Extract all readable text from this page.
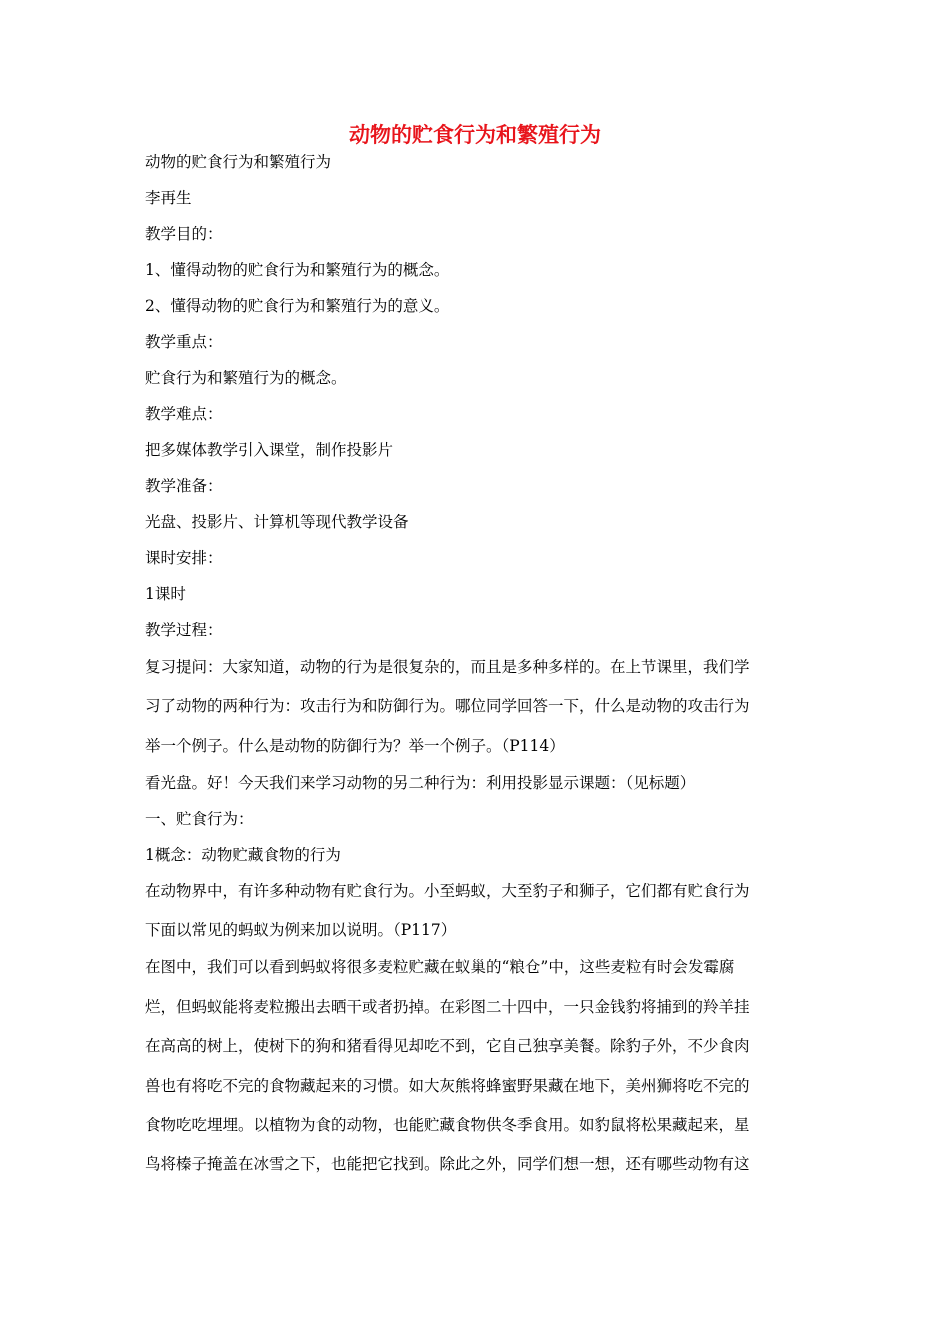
动物的贮食行为和繁殖行为
动物的贮食行为和繁殖行为
李再生
教学目的：
1、懂得动物的贮食行为和繁殖行为的概念。
2、懂得动物的贮食行为和繁殖行为的意义。
教学重点：
贮食行为和繁殖行为的概念。
教学难点：
把多媒体教学引入课堂，制作投影片
教学准备：
光盘、投影片、计算机等现代教学设备
课时安排：
1课时
教学过程：
复习提问：大家知道，动物的行为是很复杂的，而且是多种多样的。在上节课里，我们学
习了动物的两种行为：攻击行为和防御行为。哪位同学回答一下，什么是动物的攻击行为
举一个例子。什么是动物的防御行为？举一个例子。（P114）
看光盘。好！今天我们来学习动物的另二种行为：利用投影显示课题：（见标题）
一、贮食行为：
1概念：动物贮藏食物的行为
在动物界中，有许多种动物有贮食行为。小至蚂蚁，大至豹子和狮子，它们都有贮食行为
下面以常见的蚂蚁为例来加以说明。（P117）
在图中，我们可以看到蚂蚁将很多麦粒贮藏在蚁巢的“粮仓”中，这些麦粒有时会发霉腐
烂，但蚂蚁能将麦粒搬出去晒干或者扔掉。在彩图二十四中，一只金钱豹将捕到的羚羊挂
在高高的树上，使树下的狗和猪看得见却吃不到，它自己独享美餐。除豹子外，不少食肉
兽也有将吃不完的食物藏起来的习惯。如大灰熊将蜂蜜野果藏在地下，美州狮将吃不完的
食物吃吃埋埋。以植物为食的动物，也能贮藏食物供冬季食用。如豹鼠将松果藏起来，星
鸟将榛子掩盖在冰雪之下，也能把它找到。除此之外，同学们想一想，还有哪些动物有这
